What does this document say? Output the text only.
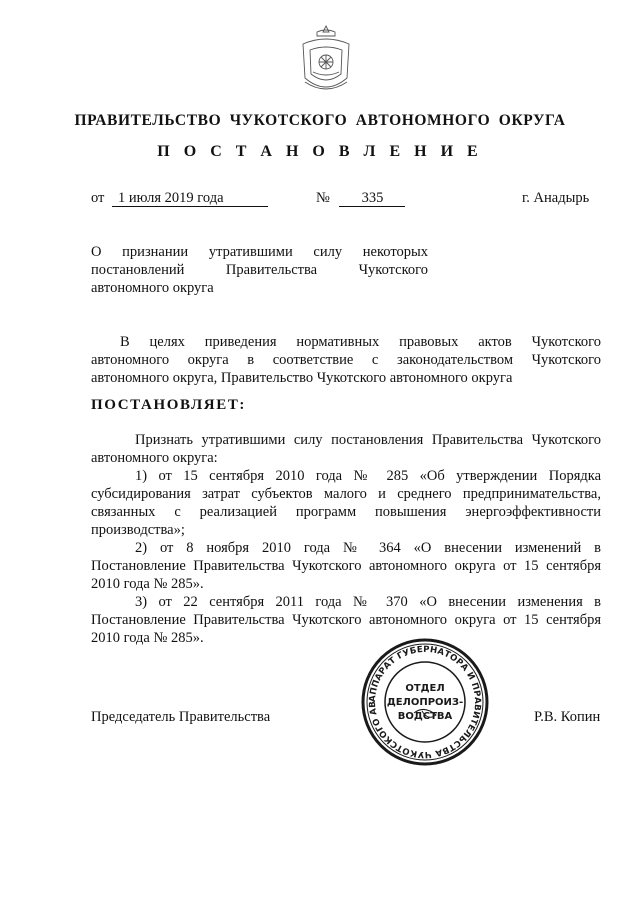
ПРАВИТЕЛЬСТВО ЧУКОТСКОГО АВТОНОМНОГО ОКРУГА
П О С Т А Н О В Л Е Н И Е
от 1 июля 2019 года	№ 335	г. Анадырь
О признании утратившими силу некоторых
постановлений Правительства Чукотского
автономного округа
В целях приведения нормативных правовых актов Чукотского
автономного округа в соответствие с законодательством Чукотского
автономного округа, Правительство Чукотского автономного округа
ПОСТАНОВЛЯЕТ:
Признать утратившими силу постановления Правительства Чукотского
автономного округа:
1) от 15 сентября 2010 года № 285 «Об утверждении Порядка
субсидирования затрат субъектов малого и среднего предпринимательства,
связанных с реализацией программ повышения энергоэффективности
производства»;
2) от 8 ноября 2010 года № 364 «О внесении изменений в
Постановление Правительства Чукотского автономного округа от 15 сентября
2010 года № 285».
3) от 22 сентября 2011 года № 370 «О внесении изменения в
Постановление Правительства Чукотского автономного округа от 15 сентября
2010 года № 285».
Председатель Правительства	Р.В. Копин
АППАРАТ ГУБЕРНАТОРА И ПРАВИТЕЛЬСТВА ЧУКОТСКОГО АВ
ОТДЕЛ
ДЕЛОПРОИЗ-
ВОДСТВА
